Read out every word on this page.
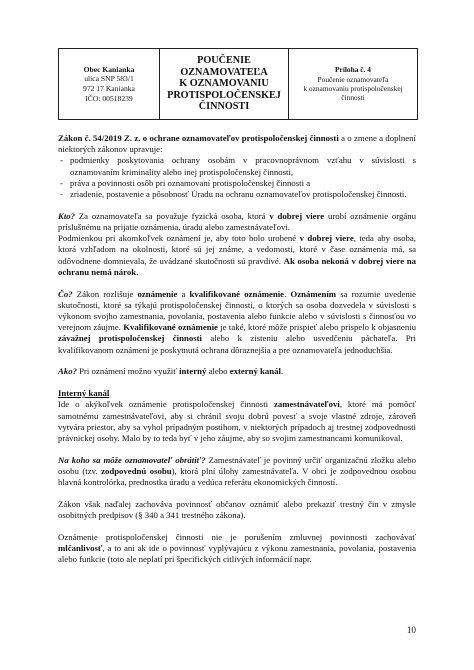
Obec Kanianka
ulica SNP 583/1
972 17 Kanianka
IČO: 00518239
POUČENIE
OZNAMOVATEĽA
K OZNAMOVANIU
PROTISPOLOČENSKEJ
ČINNOSTI
Príloha č. 4
Poučenie oznamovateľa
k oznamovaniu protispoločenskej
činnosti

Zákon č. 54/2019 Z. z. o ochrane oznamovateľov protispoločenskej činnosti a o zmene a doplnení niektorých zákonov upravuje:

- podmienky poskytovania ochrany osobám v pracovnoprávnom vzťahu v súvislosti s oznamovaním kriminality alebo inej protispoločenskej činnosti,
- práva a povinnosti osôb pri oznamovaní protispoločenskej činnosti a
- zriadenie, postavenie a pôsobnosť Úradu na ochranu oznamovateľov protispoločenskej činnosti.

Kto? Za oznamovateľa sa považuje fyzická osoba, ktorá v dobrej viere urobí oznámenie orgánu príslušnému na prijatie oznámenia, úradu alebo zamestnávateľovi.

Podmienkou pri akomkoľvek oznámení je, aby toto bolo urobené v dobrej viere, teda aby osoba, ktorá vzhľadom na okolnosti, ktoré sú jej známe, a vedomosti, ktoré v čase oznámenia má, sa odôvodnene domnievala, že uvádzané skutočnosti sú pravdivé. Ak osoba nekoná v dobrej viere na ochranu nemá nárok.

Čo? Zákon rozlišuje oznámenie a kvalifikované oznámenie. Oznámením sa rozumie uvedenie skutočnosti, ktoré sa týkajú protispoločenskej činnosti, o ktorých sa osoba dozvedela v súvislosti s výkonom svojho zamestnania, povolania, postavenia alebo funkcie alebo v súvislosti s činnosťou vo verejnom záujme. Kvalifikované oznámenie je také, ktoré môže prispieť alebo prispelo k objasneniu závažnej protispoločenskej činnosti alebo k zisteniu alebo usvedčeniu páchateľa. Pri kvalifikovanom oznámení je poskytnutá ochrana dôraznejšia a pre oznamovateľa jednoduchšia.

Ako? Pri oznámení možno využiť interný alebo externý kanál.

Interný kanál

Ide o akýkoľvek oznámenie protispoločenskej činnosti zamestnávateľovi, ktoré má pomôcť samotnému zamestnávateľovi, aby si chránil svoju dobrú povesť a svoje vlastné zdroje, zároveň vytvára priestor, aby sa vyhol prípadným postihom, v niektorých prípadoch aj trestnej zodpovednosti právnickej osoby. Malo by to teda byť v jeho záujme, aby so svojim zamestnancami komunikoval.

Na koho sa môže oznamovateľ obrátiť? Zamestnávateľ je povinný určiť organizačnú zložku alebo osobu (tzv. zodpovednú osobu), ktorá plní úlohy zamestnávateľa. V obci je zodpovednou osobou hlavná kontrolórka, prednostka úradu a vedúca referátu ekonomických činností.

Zákon však naďalej zachováva povinnosť občanov oznámiť alebo prekaziť trestný čin v zmysle osobitných predpisov (§ 340 a 341 trestného zákona).

Oznámenie protispoločenskej činnosti nie je porušením zmluvnej povinnosti zachovávať mlčanlivosť, a to ani ak ide o povinnosť vyplývajúcu z výkonu zamestnania, povolania, postavenia alebo funkcie (toto ale neplatí pri špecifických citlivých informácií napr.

10
